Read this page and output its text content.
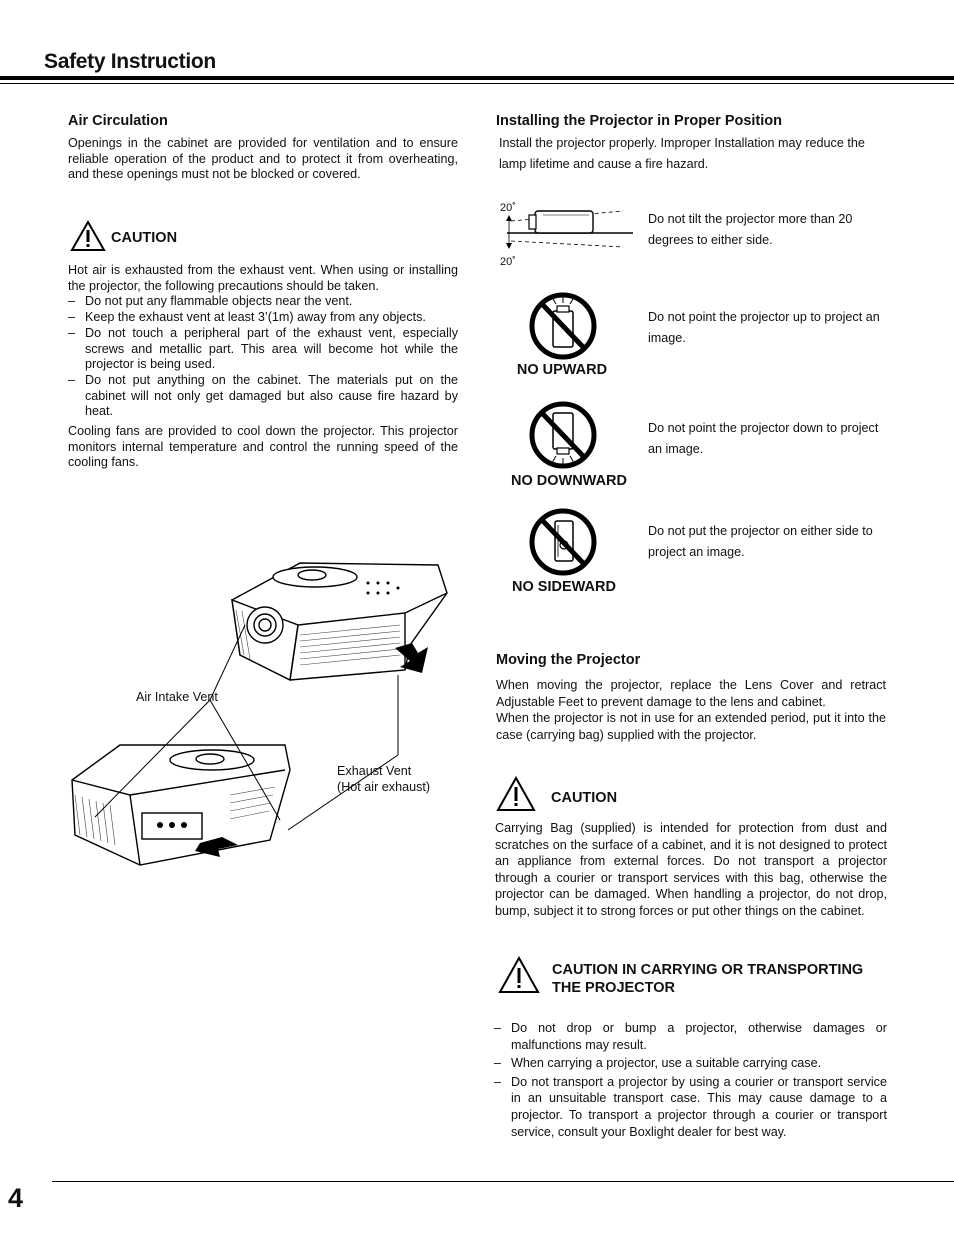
Safety Instruction
Air Circulation
Openings in the cabinet are provided for ventilation and to ensure reliable operation of the product and to protect it from overheating, and these openings must not be blocked or covered.
CAUTION

Hot air is exhausted from the exhaust vent. When using or installing the projector, the following precautions should be taken.

– Do not put any flammable objects near the vent.
– Keep the exhaust vent at least 3’(1m) away from any objects.
– Do not touch a peripheral part of the exhaust vent, especially screws and metallic part. This area will become hot while the projector is being used.
– Do not put anything on the cabinet. The materials put on the cabinet will not only get damaged but also cause fire hazard by heat.

Cooling fans are provided to cool down the projector. This projector monitors internal temperature and control the running speed of the cooling fans.

Air Intake Vent
Exhaust Vent
(Hot air exhaust)
Installing the Projector in Proper Position
Install the projector properly. Improper Installation may reduce the lamp lifetime and cause a fire hazard.
20˚
20˚
Do not tilt the projector more than 20 degrees to either side.
NO UPWARD
Do not point the projector up to project an image.
NO DOWNWARD
Do not point the projector down to project an image.
NO SIDEWARD
Do not put the projector on either side to project an image.
Moving the Projector

When moving the projector, replace the Lens Cover and retract Adjustable Feet to prevent damage to the lens and cabinet.

When the projector is not in use for an extended period, put it into the case (carrying bag) supplied with the projector.

CAUTION
Carrying Bag (supplied) is intended for protection from dust and scratches on the surface of a cabinet, and it is not designed to protect an appliance from external forces. Do not transport a projector through a courier or transport services with this bag, otherwise the projector can be damaged. When handling a projector, do not drop, bump, subject it to strong forces or put other things on the cabinet.
CAUTION IN CARRYING OR TRANSPORTING
THE PROJECTOR
– Do not drop or bump a projector, otherwise damages or malfunctions may result.
– When carrying a projector, use a suitable carrying case.
– Do not transport a projector by using a courier or transport service in an unsuitable transport case. This may cause damage to a projector. To transport a projector through a courier or transport service, consult your Boxlight dealer for best way.
4
